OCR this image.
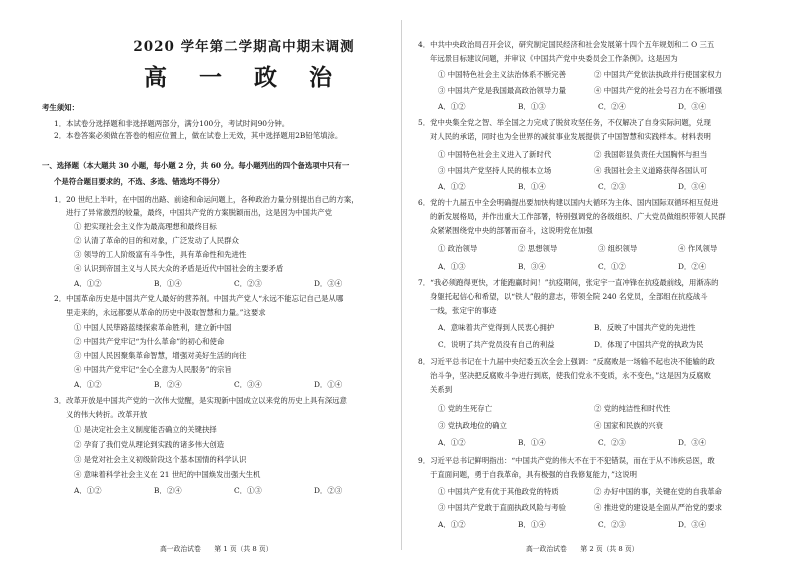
2020 学年第二学期高中期末调测
高 一 政 治
考生须知：
1．本试卷分选择题和非选择题两部分，满分100分，考试时间90分钟。
2．本卷答案必须做在答卷的相应位置上，做在试卷上无效，其中选择题用2B铅笔填涂。
一、选择题（本大题共 30 小题，每小题 2 分，共 60 分。每小题列出的四个备选项中只有一
个是符合题目要求的，不选、多选、错选均不得分）
1．20 世纪上半叶，在中国的出路、前途和命运问题上，各种政治力量分别提出自己的方案，
进行了异常激烈的较量，最终，中国共产党的方案脱颖而出，这是因为中国共产党
① 把实现社会主义作为最高理想和最终目标
② 认清了革命的目的和对象，广泛发动了人民群众
③ 领导的工人阶级富有斗争性，具有革命性和先进性
④ 认识到帝国主义与人民大众的矛盾是近代中国社会的主要矛盾
A．①②	B．①④	C．②③	D．③④
2．中国革命历史是中国共产党人最好的营养剂。中国共产党人“永远不能忘记自己是从哪
里走来的，永远都要从革命的历史中汲取智慧和力量。”这要求
① 中国人民筚路蓝缕探索革命胜利，建立新中国
② 中国共产党牢记“为什么革命”的初心和使命
③ 中国人民因聚集革命智慧，增强对美好生活的向往
④ 中国共产党牢记“全心全意为人民服务”的宗旨
A．①②	B．②④	C．③④	D．①④
3．改革开放是中国共产党的一次伟大觉醒，是实现新中国成立以来党的历史上具有深远意
义的伟大转折。改革开放
① 是决定社会主义制度能否确立的关键抉择
② 孕育了我们党从理论到实践的诸多伟大创造
③ 是党对社会主义初级阶段这个基本国情的科学认识
④ 意味着科学社会主义在 21 世纪的中国焕发出强大生机
A．①②	B．②④	C．①③	D．②③
高一政治试卷　　第 1 页（共 8 页）
4．中共中央政治局召开会议，研究制定国民经济和社会发展第十四个五年规划和二 O 三五
年远景目标建议问题，并审议《中国共产党中央委员会工作条例》。这是因为
① 中国特色社会主义法治体系不断完善	② 中国共产党依法执政并行使国家权力
③ 中国共产党是我国最高政治领导力量	④ 中国共产党的社会号召力在不断增强
A．①②	B．①③	C．②④	D．③④
5．党中央集全党之智、举全国之力完成了脱贫攻坚任务，不仅解决了自身实际问题，兑现
对人民的承诺，同时也为全世界的减贫事业发展提供了中国智慧和实践样本。材料表明
① 中国特色社会主义进入了新时代	② 我国彰显负责任大国胸怀与担当
③ 中国共产党坚持人民的根本立场	④ 我国社会主义道路获得各国认可
A．①②	B．①④	C．②③	D．③④
6．党的十九届五中全会明确提出要加快构建以国内大循环为主体、国内国际双循环相互促进
的新发展格局，并作出重大工作部署，特别强调党的各级组织、广大党员做组织带领人民群
众紧紧围绕党中央的部署而奋斗，这说明党在加强
① 政治领导	② 思想领导	③ 组织领导	④ 作风领导
A．①③	B．③④	C．①②	D．②④
7．“我必须跑得更快，才能跑赢时间！”抗疫期间，张定宇一直冲锋在抗疫最前线，用渐冻的
身躯托起信心和希望，以“铁人”般的意志，带领全院 240 名党员，全部组在抗疫战斗
一线，张定宇的事迹
A．意味着共产党得到人民衷心拥护	B．反映了中国共产党的先进性
C．说明了共产党员没有自己的利益	D．体现了中国共产党的执政为民
8．习近平总书记在十九届中央纪委五次全会上强调：“反腐败是一场输不起也决不能输的政
治斗争，坚决把反腐败斗争进行到底，使我们党永不变质，永不变色，”这是因为反腐败
关系到
① 党的生死存亡	② 党的纯洁性和时代性
③ 党执政地位的确立	④ 国家和民族的兴衰
A．①②	B．①④	C．②③	D．③④
9．习近平总书记鲜明指出：“中国共产党的伟大不在于不犯错误，而在于从不讳疾忌医，敢
于直面问题，勇于自我革命，具有极强的自我修复能力，”这说明
① 中国共产党有优于其他政党的特质	② 办好中国的事，关键在党的自我革命
③ 中国共产党敢于直面执政风险与考验	④ 推进党的建设是全面从严治党的要求
A．①②	B．①④	C．②③	D．③④
高一政治试卷　　第 2 页（共 8 页）
